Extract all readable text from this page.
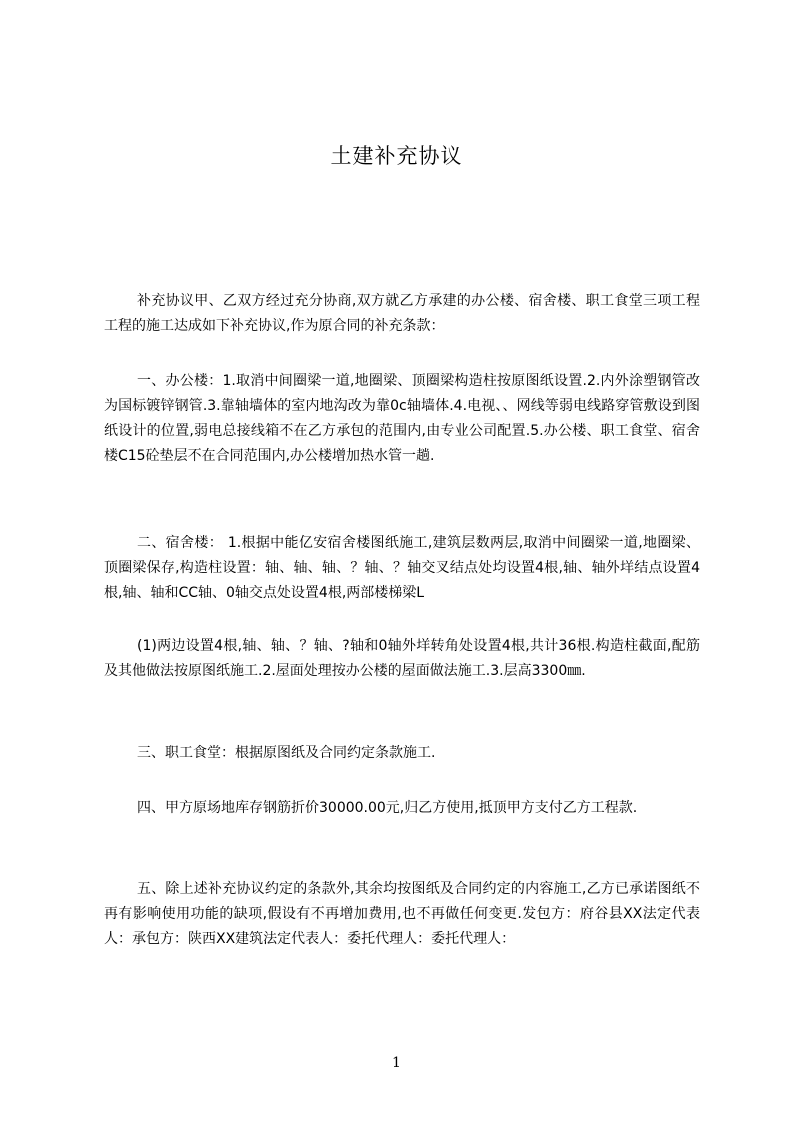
土建补充协议

补充协议甲、乙双方经过充分协商,双方就乙方承建的办公楼、宿舍楼、职工食堂三项工程工程的施工达成如下补充协议,作为原合同的补充条款：

一、办公楼：1.取消中间圈梁一道,地圈梁、顶圈梁构造柱按原图纸设置.2.内外涂塑钢管改为国标镀锌钢管.3.靠轴墙体的室内地沟改为靠0c轴墙体.4.电视、、网线等弱电线路穿管敷设到图纸设计的位置,弱电总接线箱不在乙方承包的范围内,由专业公司配置.5.办公楼、职工食堂、宿舍楼C15砼垫层不在合同范围内,办公楼增加热水管一趟.

二、宿舍楼： 1.根据中能亿安宿舍楼图纸施工,建筑层数两层,取消中间圈梁一道,地圈梁、顶圈梁保存,构造柱设置：轴、轴、轴、？轴、？轴交叉结点处均设置4根,轴、轴外垟结点设置4根,轴、轴和CC轴、0轴交点处设置4根,两部楼梯梁L

(1)两边设置4根,轴、轴、？轴、?轴和0轴外垟转角处设置4根,共计36根.构造柱截面,配筋及其他做法按原图纸施工.2.屋面处理按办公楼的屋面做法施工.3.层高3300㎜.

三、职工食堂：根据原图纸及合同约定条款施工.

四、甲方原场地库存钢筋折价30000.00元,归乙方使用,抵顶甲方支付乙方工程款.

五、除上述补充协议约定的条款外,其余均按图纸及合同约定的内容施工,乙方已承诺图纸不再有影响使用功能的缺项,假设有不再增加费用,也不再做任何变更.发包方：府谷县XX法定代表人：承包方：陕西XX建筑法定代表人：委托代理人：委托代理人：

1
